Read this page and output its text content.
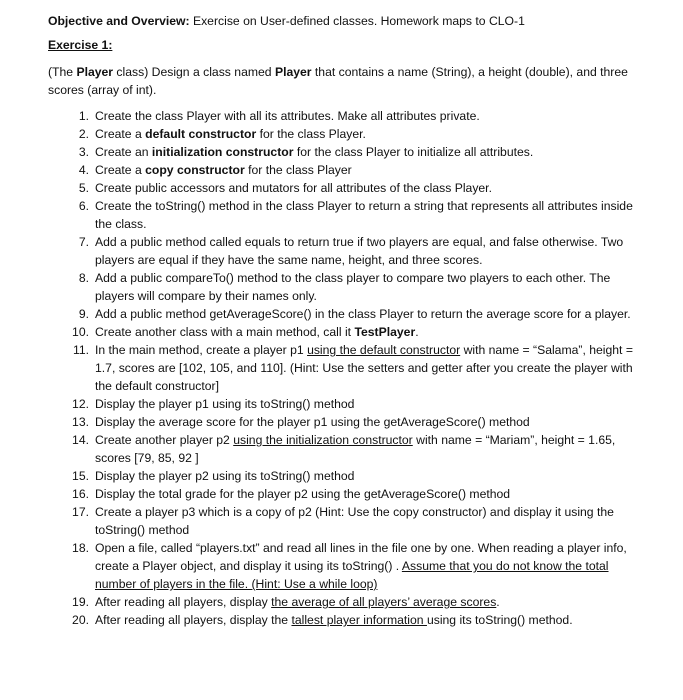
Objective and Overview: Exercise on User-defined classes. Homework maps to CLO-1

Exercise 1:

(The Player class) Design a class named Player that contains a name (String), a height (double), and three scores (array of int).

1. Create the class Player with all its attributes. Make all attributes private.
2. Create a default constructor for the class Player.
3. Create an initialization constructor for the class Player to initialize all attributes.
4. Create a copy constructor for the class Player
5. Create public accessors and mutators for all attributes of the class Player.
6. Create the toString() method in the class Player to return a string that represents all attributes inside the class.
7. Add a public method called equals to return true if two players are equal, and false otherwise. Two players are equal if they have the same name, height, and three scores.
8. Add a public compareTo() method to the class player to compare two players to each other. The players will compare by their names only.
9. Add a public method getAverageScore() in the class Player to return the average score for a player.
10. Create another class with a main method, call it TestPlayer.
11. In the main method, create a player p1 using the default constructor with name = “Salama”, height = 1.7, scores are [102, 105, and 110]. (Hint: Use the setters and getter after you create the player with the default constructor]
12. Display the player p1 using its toString() method
13. Display the average score for the player p1 using the getAverageScore() method
14. Create another player p2 using the initialization constructor with name = “Mariam”, height = 1.65, scores [79, 85, 92 ]
15. Display the player p2 using its toString() method
16. Display the total grade for the player p2 using the getAverageScore() method
17. Create a player p3 which is a copy of p2 (Hint: Use the copy constructor) and display it using the toString() method
18. Open a file, called “players.txt” and read all lines in the file one by one. When reading a player info, create a Player object, and display it using its toString() . Assume that you do not know the total number of players in the file. (Hint: Use a while loop)
19. After reading all players, display the average of all players’ average scores.
20. After reading all players, display the tallest player information using its toString() method.
